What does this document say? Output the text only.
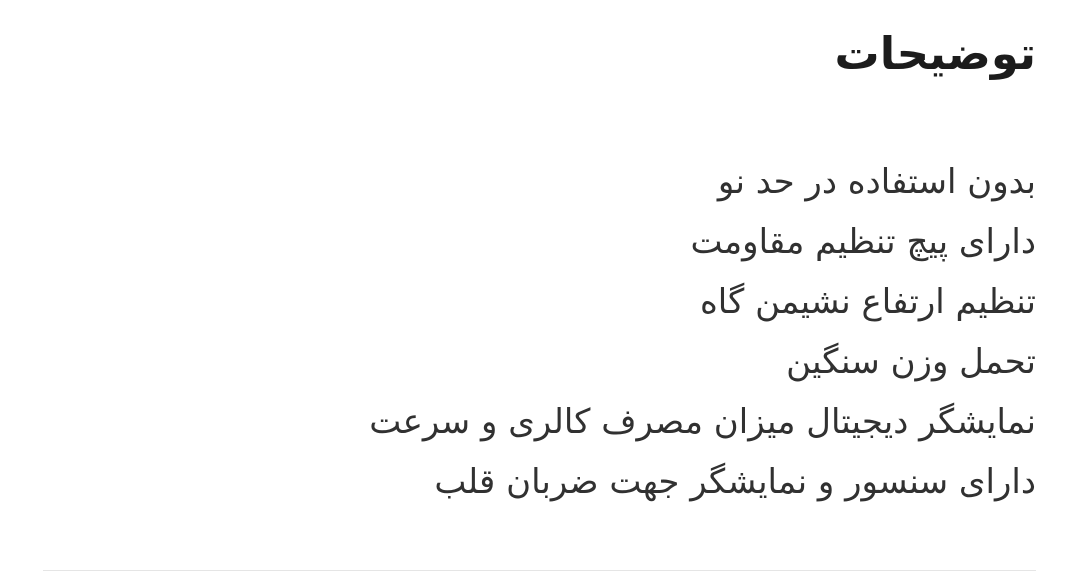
توضیحات
بدون استفاده در حد نو
دارای پیچ تنظیم مقاومت
تنظیم ارتفاع نشیمن گاه
تحمل وزن سنگین
نمایشگر دیجیتال میزان مصرف کالری و سرعت
دارای سنسور و نمایشگر جهت ضربان قلب
